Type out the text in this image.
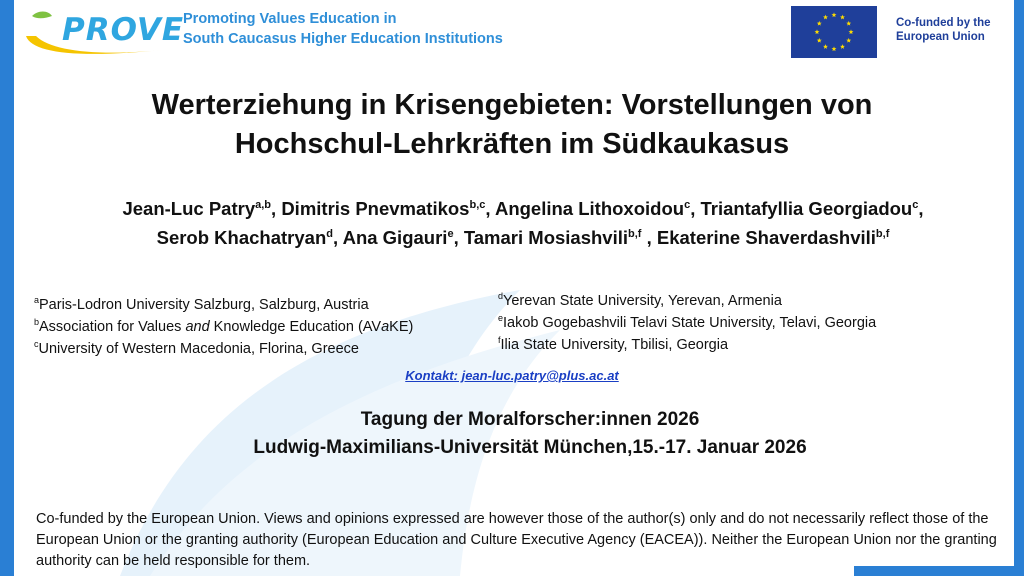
PROVE
Promoting Values Education in
South Caucasus Higher Education Institutions
Co-funded by the
European Union
Werterziehung in Krisengebieten: Vorstellungen von
Hochschul-Lehrkräften im Südkaukasus
Jean-Luc Patry$^{a,b}$, Dimitris Pnevmatikos$^{b,c}$, Angelina Lithoxoidou$^c$, Triantafyllia Georgiadou$^c$,
Serob Khachatryan$^d$, Ana Gigauri$^e$, Tamari Mosiashvili$^{b,f}$ , Ekaterine Shaverdashvili$^{b,f}$
$^a$Paris-Lodron University Salzburg, Salzburg, Austria
$^b$Association for Values and Knowledge Education (AVaKE)
$^c$University of Western Macedonia, Florina, Greece
$^d$Yerevan State University, Yerevan, Armenia
$^e$Iakob Gogebashvili Telavi State University, Telavi, Georgia
$^f$Ilia State University, Tbilisi, Georgia
Kontakt: jean-luc.patry@plus.ac.at
Tagung der Moralforscher:innen 2026
Ludwig-Maximilians-Universität München,15.-17. Januar 2026
Co-funded by the European Union. Views and opinions expressed are however those of the author(s) only and do not necessarily reflect those of the European Union or the granting authority (European Education and Culture Executive Agency (EACEA)). Neither the European Union nor the granting authority can be held responsible for them.
